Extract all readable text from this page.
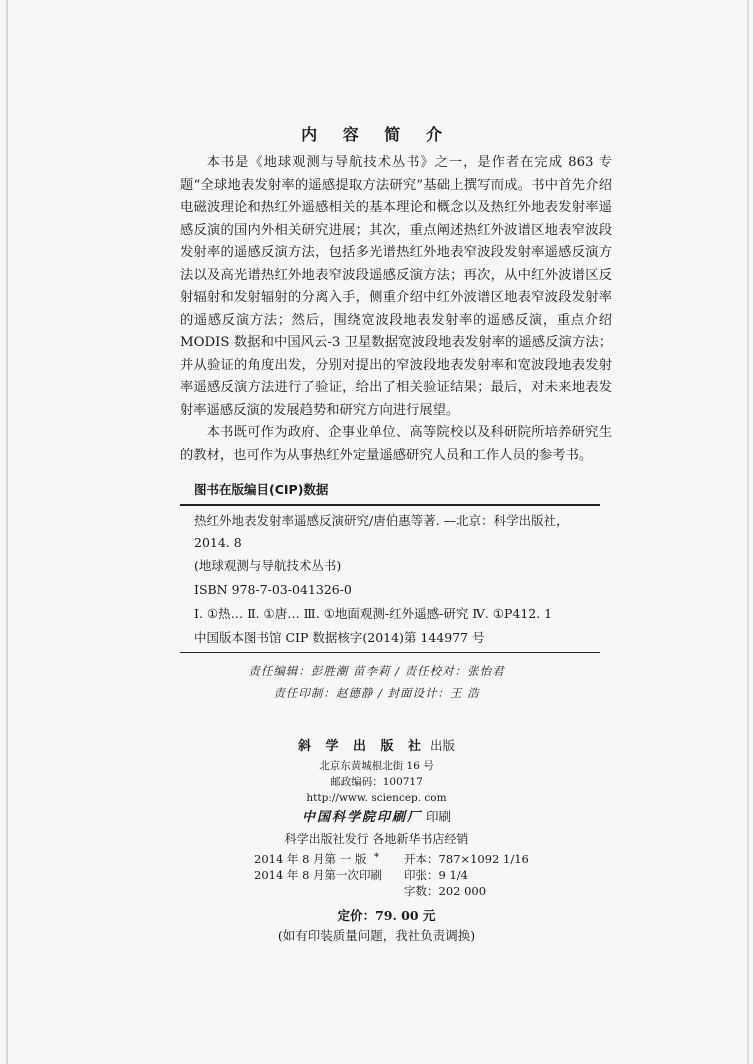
内 容 简 介

本书是《地球观测与导航技术丛书》之一，是作者在完成 863 专题“全球地表发射率的遥感提取方法研究”基础上撰写而成。书中首先介绍电磁波理论和热红外遥感相关的基本理论和概念以及热红外地表发射率遥感反演的国内外相关研究进展；其次，重点阐述热红外波谱区地表窄波段发射率的遥感反演方法，包括多光谱热红外地表窄波段发射率遥感反演方法以及高光谱热红外地表窄波段遥感反演方法；再次，从中红外波谱区反射辐射和发射辐射的分离入手，侧重介绍中红外波谱区地表窄波段发射率的遥感反演方法；然后，围绕宽波段地表发射率的遥感反演，重点介绍 MODIS 数据和中国风云-3 卫星数据宽波段地表发射率的遥感反演方法；并从验证的角度出发，分别对提出的窄波段地表发射率和宽波段地表发射率遥感反演方法进行了验证，给出了相关验证结果；最后，对未来地表发射率遥感反演的发展趋势和研究方向进行展望。

本书既可作为政府、企事业单位、高等院校以及科研院所培养研究生的教材，也可作为从事热红外定量遥感研究人员和工作人员的参考书。

图书在版编目(CIP)数据
热红外地表发射率遥感反演研究/唐伯惠等著. —北京：科学出版社，2014. 8
(地球观测与导航技术丛书)
ISBN 978-7-03-041326-0
Ⅰ. ①热… Ⅱ. ①唐… Ⅲ. ①地面观测-红外遥感-研究 Ⅳ. ①P412. 1
中国版本图书馆 CIP 数据核字(2014)第 144977 号
责任编辑：彭胜潮 苗李莉 / 责任校对：张怡君
责任印制：赵德静 / 封面设计：王 浩
斜 学 出 版 社 出版
北京东黄城根北街 16 号
邮政编码：100717
http://www. sciencep. com
中国科学院印刷厂 印刷
科学出版社发行 各地新华书店经销
*
2014 年 8 月第 一 版	开本：787×1092 1/16
2014 年 8 月第一次印刷	印张：9 1/4
字数：202 000
定价：79. 00 元
(如有印装质量问题，我社负责调换)
